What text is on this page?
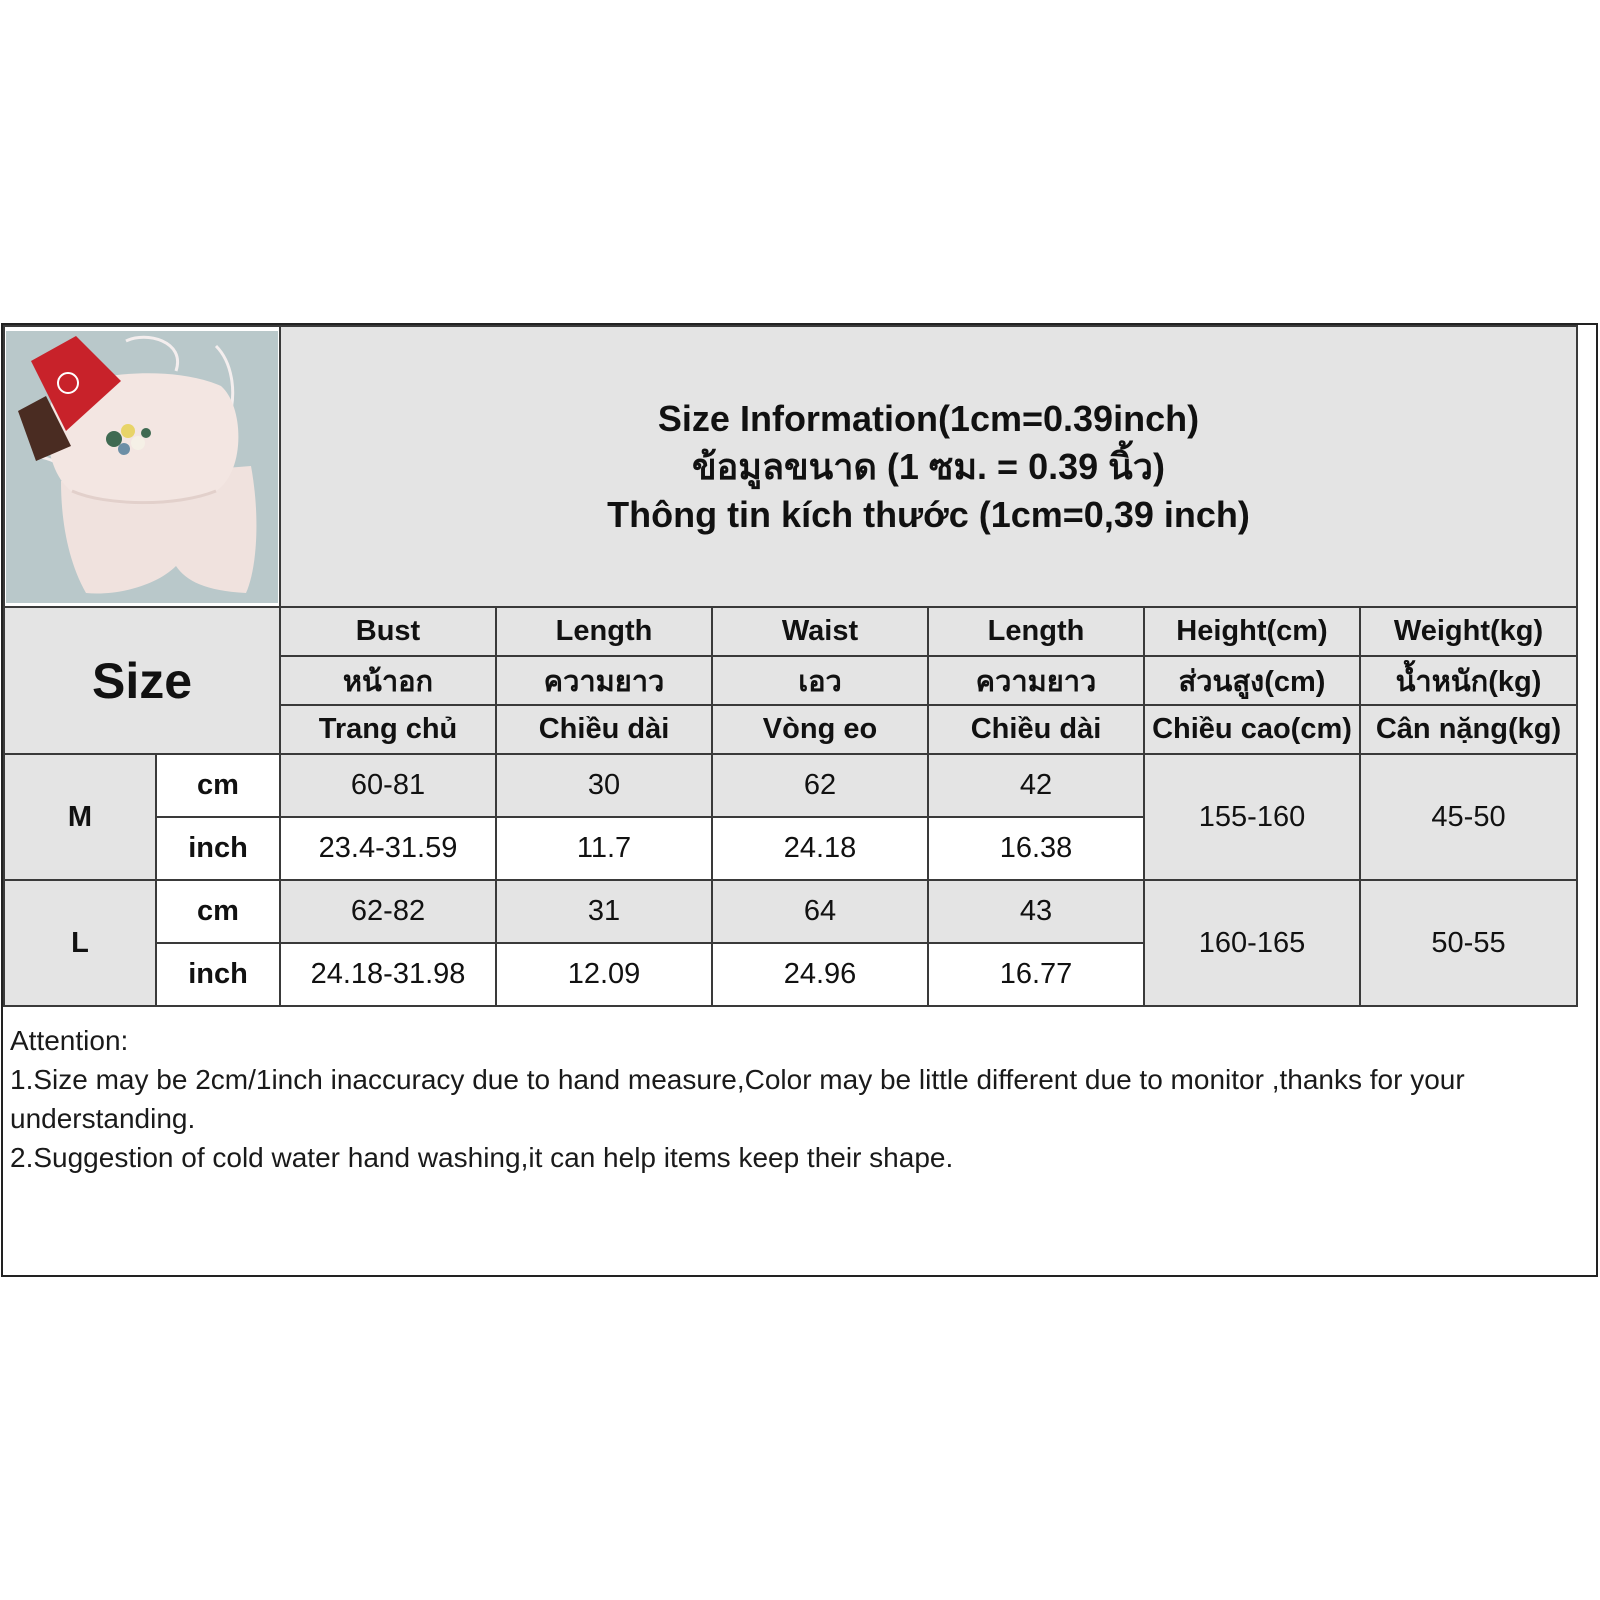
Size Information(1cm=0.39inch)
ข้อมูลขนาด (1 ซม. = 0.39 นิ้ว)
Thông tin kích thước (1cm=0,39 inch)					

Size		Bust	Length	Waist	Length	Height(cm)	Weight(kg)
		หน้าอก	ความยาว	เอว	ความยาว	ส่วนสูง(cm)	น้ำหนัก(kg)
		Trang chủ	Chiều dài	Vòng eo	Chiều dài	Chiều cao(cm)	Cân nặng(kg)
M	cm	60-81	30	62	42	155-160	45-50
	inch	23.4-31.59	11.7	24.18	16.38		
L	cm	62-82	31	64	43	160-165	50-55
	inch	24.18-31.98	12.09	24.96	16.77		

Attention:

1.Size may be 2cm/1inch inaccuracy due to hand measure,Color may be little different due to monitor ,thanks for your understanding.

2.Suggestion of cold water hand washing,it can help items keep their shape.
